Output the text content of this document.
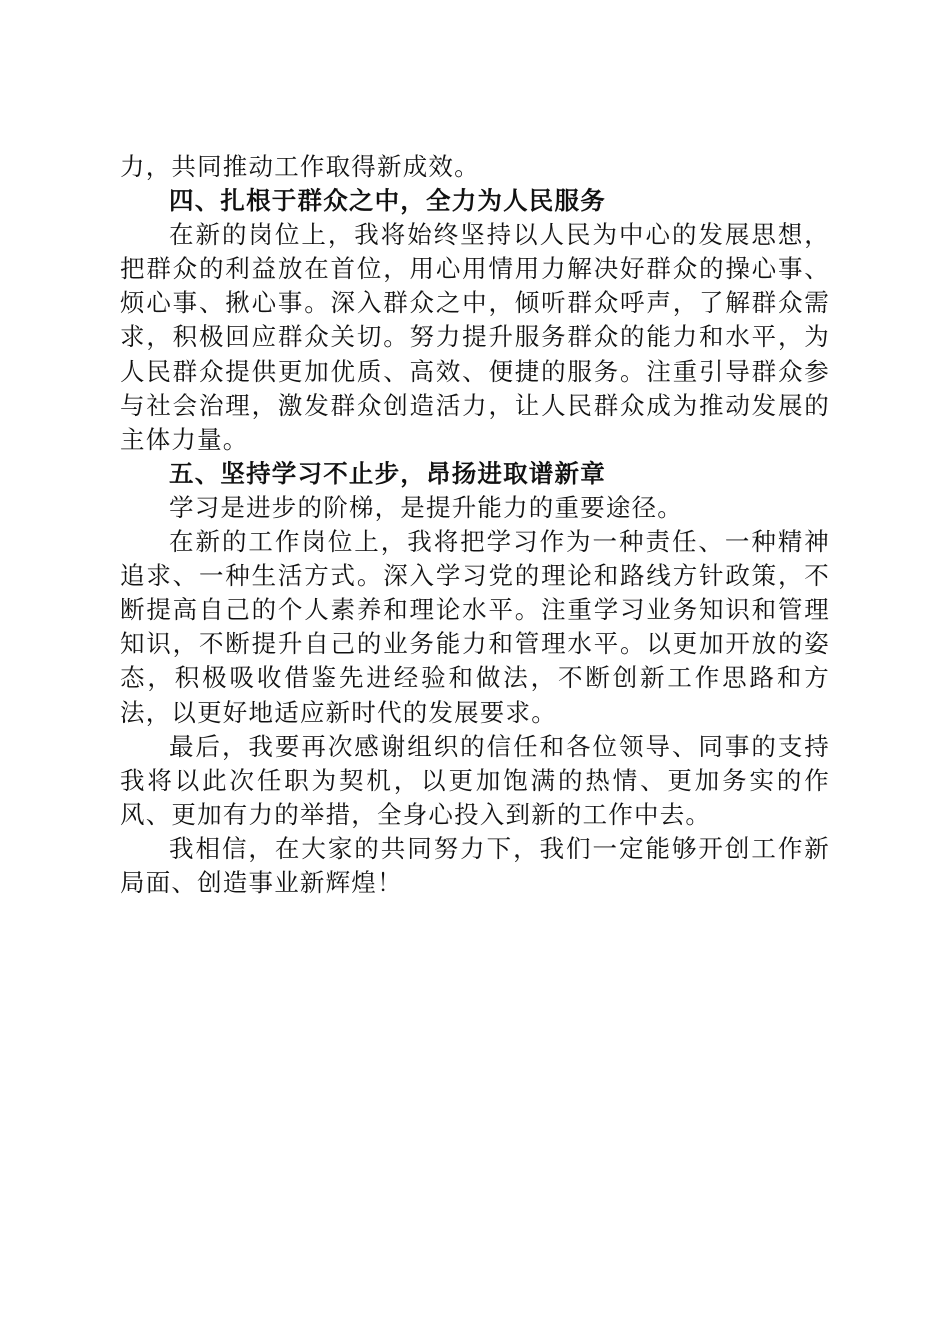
力，共同推动工作取得新成效。

四、扎根于群众之中，全力为人民服务

在新的岗位上，我将始终坚持以人民为中心的发展思想，把群众的利益放在首位，用心用情用力解决好群众的操心事、烦心事、揪心事。深入群众之中，倾听群众呼声，了解群众需求，积极回应群众关切。努力提升服务群众的能力和水平，为人民群众提供更加优质、高效、便捷的服务。注重引导群众参与社会治理，激发群众创造活力，让人民群众成为推动发展的主体力量。

五、坚持学习不止步，昂扬进取谱新章

学习是进步的阶梯，是提升能力的重要途径。

在新的工作岗位上，我将把学习作为一种责任、一种精神追求、一种生活方式。深入学习党的理论和路线方针政策，不断提高自己的个人素养和理论水平。注重学习业务知识和管理知识，不断提升自己的业务能力和管理水平。以更加开放的姿态，积极吸收借鉴先进经验和做法，不断创新工作思路和方法，以更好地适应新时代的发展要求。

最后，我要再次感谢组织的信任和各位领导、同事的支持我将以此次任职为契机，以更加饱满的热情、更加务实的作风、更加有力的举措，全身心投入到新的工作中去。

我相信，在大家的共同努力下，我们一定能够开创工作新局面、创造事业新辉煌！
